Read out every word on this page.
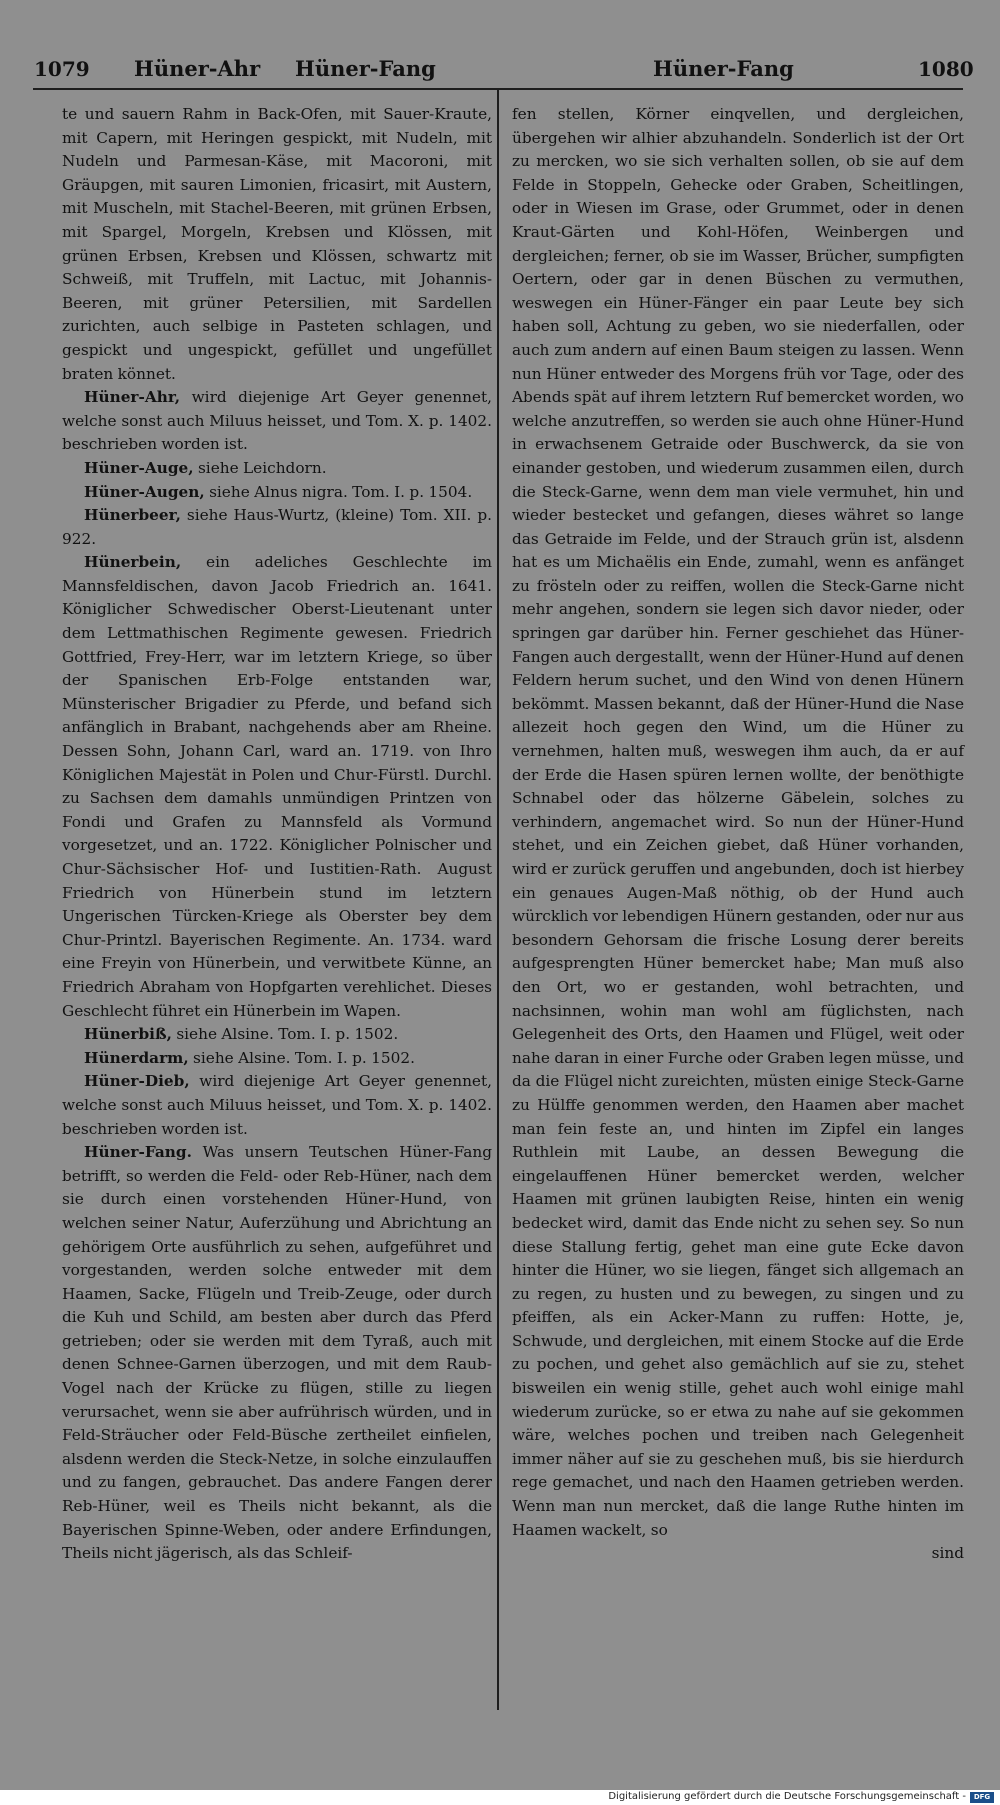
1079 Hüner-Ahr Hüner-Fang	Hüner-Fang	1080

te und sauern Rahm in Back-Ofen, mit Sauer-Kraute, mit Capern, mit Heringen gespickt, mit Nudeln, mit Nudeln und Parmesan-Käse, mit Macoroni, mit Gräupgen, mit sauren Limonien, fricasirt, mit Austern, mit Muscheln, mit Stachel-Beeren, mit grünen Erbsen, mit Spargel, Morgeln, Krebsen und Klössen, mit grünen Erbsen, Krebsen und Klössen, schwartz mit Schweiß, mit Truffeln, mit Lactuc, mit Johannis-Beeren, mit grüner Petersilien, mit Sardellen zurichten, auch selbige in Pasteten schlagen, und gespickt und ungespickt, gefüllet und ungefüllet braten könnet.

Hüner-Ahr, wird diejenige Art Geyer genennet, welche sonst auch Miluus heisset, und Tom. X. p. 1402. beschrieben worden ist.

Hüner-Auge, siehe Leichdorn.

Hüner-Augen, siehe Alnus nigra. Tom. I. p. 1504.

Hünerbeer, siehe Haus-Wurtz, (kleine) Tom. XII. p. 922.

Hünerbein, ein adeliches Geschlechte im Mannsfeldischen, davon Jacob Friedrich an. 1641. Königlicher Schwedischer Oberst-Lieutenant unter dem Lettmathischen Regimente gewesen. Friedrich Gottfried, Frey-Herr, war im letztern Kriege, so über der Spanischen Erb-Folge entstanden war, Münsterischer Brigadier zu Pferde, und befand sich anfänglich in Brabant, nachgehends aber am Rheine. Dessen Sohn, Johann Carl, ward an. 1719. von Ihro Königlichen Majestät in Polen und Chur-Fürstl. Durchl. zu Sachsen dem damahls unmündigen Printzen von Fondi und Grafen zu Mannsfeld als Vormund vorgesetzet, und an. 1722. Königlicher Polnischer und Chur-Sächsischer Hof- und Iustitien-Rath. August Friedrich von Hünerbein stund im letztern Ungerischen Türcken-Kriege als Oberster bey dem Chur-Printzl. Bayerischen Regimente. An. 1734. ward eine Freyin von Hünerbein, und verwitbete Künne, an Friedrich Abraham von Hopfgarten verehlichet. Dieses Geschlecht führet ein Hünerbein im Wapen.

Hünerbiß, siehe Alsine. Tom. I. p. 1502.

Hünerdarm, siehe Alsine. Tom. I. p. 1502.

Hüner-Dieb, wird diejenige Art Geyer genennet, welche sonst auch Miluus heisset, und Tom. X. p. 1402. beschrieben worden ist.

Hüner-Fang. Was unsern Teutschen Hüner-Fang betrifft, so werden die Feld- oder Reb-Hüner, nach dem sie durch einen vorstehenden Hüner-Hund, von welchen seiner Natur, Auferzühung und Abrichtung an gehörigem Orte ausführlich zu sehen, aufgeführet und vorgestanden, werden solche entweder mit dem Haamen, Sacke, Flügeln und Treib-Zeuge, oder durch die Kuh und Schild, am besten aber durch das Pferd getrieben; oder sie werden mit dem Tyraß, auch mit denen Schnee-Garnen überzogen, und mit dem Raub-Vogel nach der Krücke zu flügen, stille zu liegen verursachet, wenn sie aber aufrührisch würden, und in Feld-Sträucher oder Feld-Büsche zertheilet einfielen, alsdenn werden die Steck-Netze, in solche einzulauffen und zu fangen, gebrauchet. Das andere Fangen derer Reb-Hüner, weil es Theils nicht bekannt, als die Bayerischen Spinne-Weben, oder andere Erfindungen, Theils nicht jägerisch, als das Schleif-

fen stellen, Körner einqvellen, und dergleichen, übergehen wir alhier abzuhandeln. Sonderlich ist der Ort zu mercken, wo sie sich verhalten sollen, ob sie auf dem Felde in Stoppeln, Gehecke oder Graben, Scheitlingen, oder in Wiesen im Grase, oder Grummet, oder in denen Kraut-Gärten und Kohl-Höfen, Weinbergen und dergleichen; ferner, ob sie im Wasser, Brücher, sumpfigten Oertern, oder gar in denen Büschen zu vermuthen, weswegen ein Hüner-Fänger ein paar Leute bey sich haben soll, Achtung zu geben, wo sie niederfallen, oder auch zum andern auf einen Baum steigen zu lassen. Wenn nun Hüner entweder des Morgens früh vor Tage, oder des Abends spät auf ihrem letztern Ruf bemercket worden, wo welche anzutreffen, so werden sie auch ohne Hüner-Hund in erwachsenem Getraide oder Buschwerck, da sie von einander gestoben, und wiederum zusammen eilen, durch die Steck-Garne, wenn dem man viele vermuhet, hin und wieder bestecket und gefangen, dieses währet so lange das Getraide im Felde, und der Strauch grün ist, alsdenn hat es um Michaëlis ein Ende, zumahl, wenn es anfänget zu frösteln oder zu reiffen, wollen die Steck-Garne nicht mehr angehen, sondern sie legen sich davor nieder, oder springen gar darüber hin. Ferner geschiehet das Hüner-Fangen auch dergestallt, wenn der Hüner-Hund auf denen Feldern herum suchet, und den Wind von denen Hünern bekömmt. Massen bekannt, daß der Hüner-Hund die Nase allezeit hoch gegen den Wind, um die Hüner zu vernehmen, halten muß, weswegen ihm auch, da er auf der Erde die Hasen spüren lernen wollte, der benöthigte Schnabel oder das hölzerne Gäbelein, solches zu verhindern, angemachet wird. So nun der Hüner-Hund stehet, und ein Zeichen giebet, daß Hüner vorhanden, wird er zurück geruffen und angebunden, doch ist hierbey ein genaues Augen-Maß nöthig, ob der Hund auch würcklich vor lebendigen Hünern gestanden, oder nur aus besondern Gehorsam die frische Losung derer bereits aufgesprengten Hüner bemercket habe; Man muß also den Ort, wo er gestanden, wohl betrachten, und nachsinnen, wohin man wohl am füglichsten, nach Gelegenheit des Orts, den Haamen und Flügel, weit oder nahe daran in einer Furche oder Graben legen müsse, und da die Flügel nicht zureichten, müsten einige Steck-Garne zu Hülffe genommen werden, den Haamen aber machet man fein feste an, und hinten im Zipfel ein langes Ruthlein mit Laube, an dessen Bewegung die eingelauffenen Hüner bemercket werden, welcher Haamen mit grünen laubigten Reise, hinten ein wenig bedecket wird, damit das Ende nicht zu sehen sey. So nun diese Stallung fertig, gehet man eine gute Ecke davon hinter die Hüner, wo sie liegen, fänget sich allgemach an zu regen, zu husten und zu bewegen, zu singen und zu pfeiffen, als ein Acker-Mann zu ruffen: Hotte, je, Schwude, und dergleichen, mit einem Stocke auf die Erde zu pochen, und gehet also gemächlich auf sie zu, stehet bisweilen ein wenig stille, gehet auch wohl einige mahl wiederum zurücke, so er etwa zu nahe auf sie gekommen wäre, welches pochen und treiben nach Gelegenheit immer näher auf sie zu geschehen muß, bis sie hierdurch rege gemachet, und nach den Haamen getrieben werden. Wenn man nun mercket, daß die lange Ruthe hinten im Haamen wackelt, so

sind

Digitalisierung gefördert durch die Deutsche Forschungsgemeinschaft -	DFG
